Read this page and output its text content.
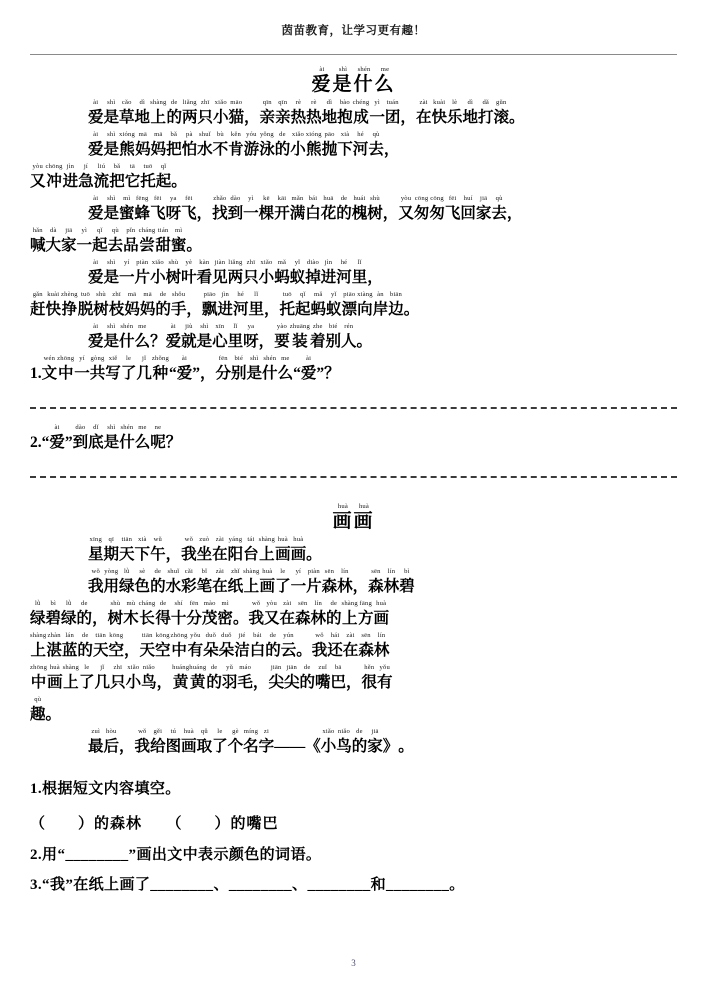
茵苗教育，让学习更有趣！
ài
爱
shì
是
shén
什
me
么
ài
爱
shì
是
cǎo
草
dì
地
shàng
上
de
的
liǎng
两
zhī
只
xiǎo
小
māo
猫
，
qīn
亲
qīn
亲
rè
热
rè
热
dì
地
bào
抱
chéng
成
yì
一
tuán
团
，
zài
在
kuài
快
lè
乐
dì
地
dǎ
打
gǔn
滚
。
ài
爱
shì
是
xióng
熊
mā
妈
mā
妈
bǎ
把
pà
怕
shuǐ
水
bù
不
kěn
肯
yóu
游
yǒng
泳
de
的
xiǎo
小
xióng
熊
pāo
抛
xià
下
hé
河
qù
去
，
yòu
又
chōng
冲
jìn
进
jí
急
liú
流
bǎ
把
tā
它
tuō
托
qǐ
起
。
ài
爱
shì
是
mì
蜜
fēng
蜂
fēi
飞
ya
呀
fēi
飞
，
zhǎo
找
dào
到
yì
一
kē
棵
kāi
开
mǎn
满
bái
白
huā
花
de
的
huái
槐
shù
树
，
yòu
又
cōng
匆
cōng
匆
fēi
飞
huí
回
jiā
家
qù
去
，
hǎn
喊
dà
大
jiā
家
yì
一
qǐ
起
qù
去
pǐn
品
cháng
尝
tián
甜
mì
蜜
。
ài
爱
shì
是
yí
一
piàn
片
xiǎo
小
shù
树
yè
叶
kàn
看
jiàn
见
liǎng
两
zhī
只
xiǎo
小
mǎ
蚂
yǐ
蚁
diào
掉
jìn
进
hé
河
lǐ
里
，
gǎn
赶
kuài
快
zhèng
挣
tuō
脱
shù
树
zhī
枝
mā
妈
mā
妈
de
的
shǒu
手
，
piāo
飘
jìn
进
hé
河
lǐ
里
，
tuō
托
qǐ
起
mǎ
蚂
yǐ
蚁
piāo
漂
xiàng
向
àn
岸
biān
边
。
ài
爱
shì
是
shén
什
me
么
？
ài
爱
jiù
就
shì
是
xīn
心
lǐ
里
ya
呀
，
yào
要
zhuāng
装
zhe
着
bié
别
rén
人
。

1.
wén
文
zhōng
中
yí
一
gòng
共
xiě
写
le
了
jǐ
几
zhǒng
种
“
ài
爱
”
，
fēn
分
bié
别
shì
是
shén
什
me
么
“
ài
爱
”
？

2.
“
ài
爱
”
dào
到
dǐ
底
shì
是
shén
什
me
么
ne
呢
？
huà
画
huà
画
xīng
星
qī
期
tiān
天
xià
下
wǔ
午
，
wǒ
我
zuò
坐
zài
在
yáng
阳
tái
台
shàng
上
huà
画
huà
画
。
wǒ
我
yòng
用
lǜ
绿
sè
色
de
的
shuǐ
水
cǎi
彩
bǐ
笔
zài
在
zhǐ
纸
shàng
上
huà
画
le
了
yí
一
piàn
片
sēn
森
lín
林
，
sēn
森
lín
林
bì
碧
lǜ
绿
bì
碧
lǜ
绿
de
的
，
shù
树
mù
木
cháng
长
de
得
shí
十
fēn
分
mào
茂
mì
密
。
wǒ
我
yòu
又
zài
在
sēn
森
lín
林
de
的
shàng
上
fāng
方
huà
画
shàng
上
zhàn
湛
lán
蓝
de
的
tiān
天
kōng
空
，
tiān
天
kōng
空
zhōng
中
yǒu
有
duǒ
朵
duǒ
朵
jié
洁
bái
白
de
的
yún
云
。
wǒ
我
hái
还
zài
在
sēn
森
lín
林
zhōng
中
huà
画
shàng
上
le
了
jǐ
几
zhī
只
xiǎo
小
niǎo
鸟
，
huáng
黄
huáng
黄
de
的
yǔ
羽
máo
毛
，
jiān
尖
jiān
尖
de
的
zuǐ
嘴
bā
巴
，
hěn
很
yǒu
有
qù
趣
。
zuì
最
hòu
后
，
wǒ
我
gěi
给
tú
图
huà
画
qǔ
取
le
了
gè
个
míng
名
zi
字
—
—
《
xiǎo
小
niǎo
鸟
de
的
jiā
家
》
。
1.根据短文内容填空。
（　　）的森林　　（　　）的嘴巴
2.用“________”画出文中表示颜色的词语。
3.“我”在纸上画了________、________、________和________。
3
